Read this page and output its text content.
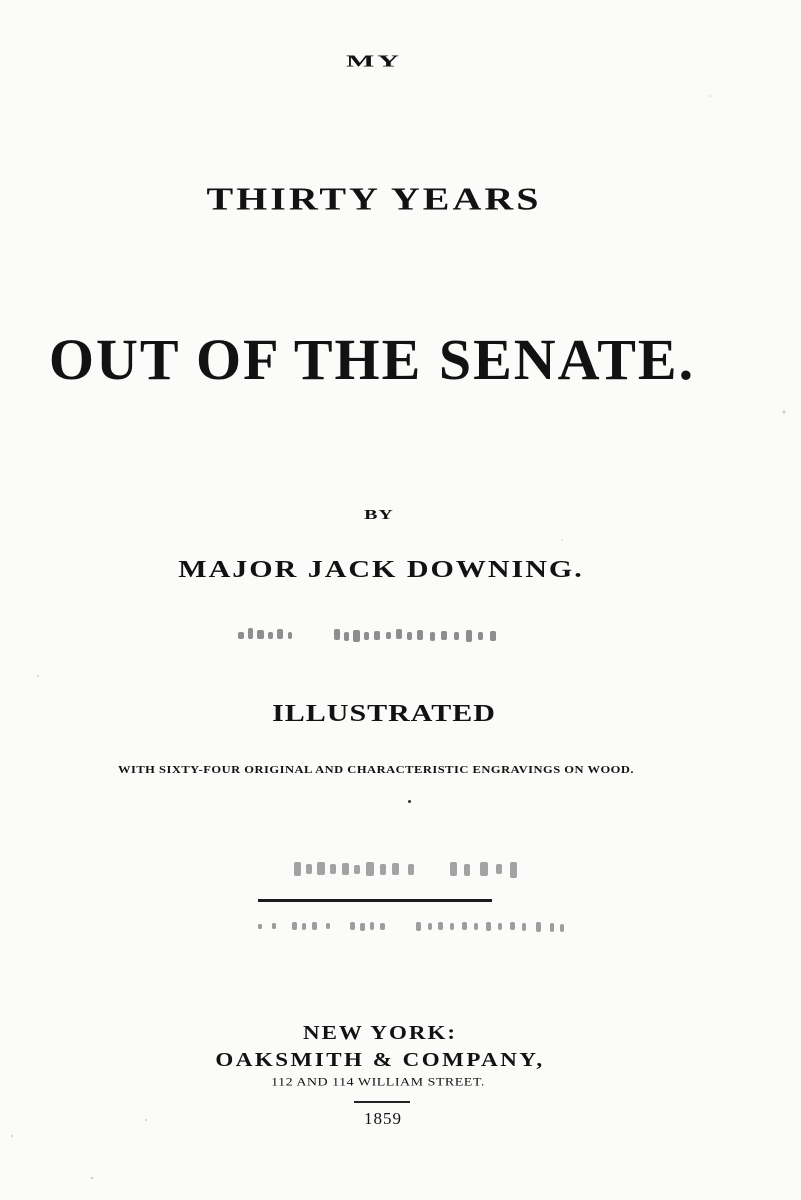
MY
THIRTY YEARS
OUT OF THE SENATE.
BY
MAJOR JACK DOWNING.
ILLUSTRATED
WITH SIXTY-FOUR ORIGINAL AND CHARACTERISTIC ENGRAVINGS ON WOOD.
NEW YORK:
OAKSMITH & COMPANY,
112 AND 114 WILLIAM STREET.
1859
